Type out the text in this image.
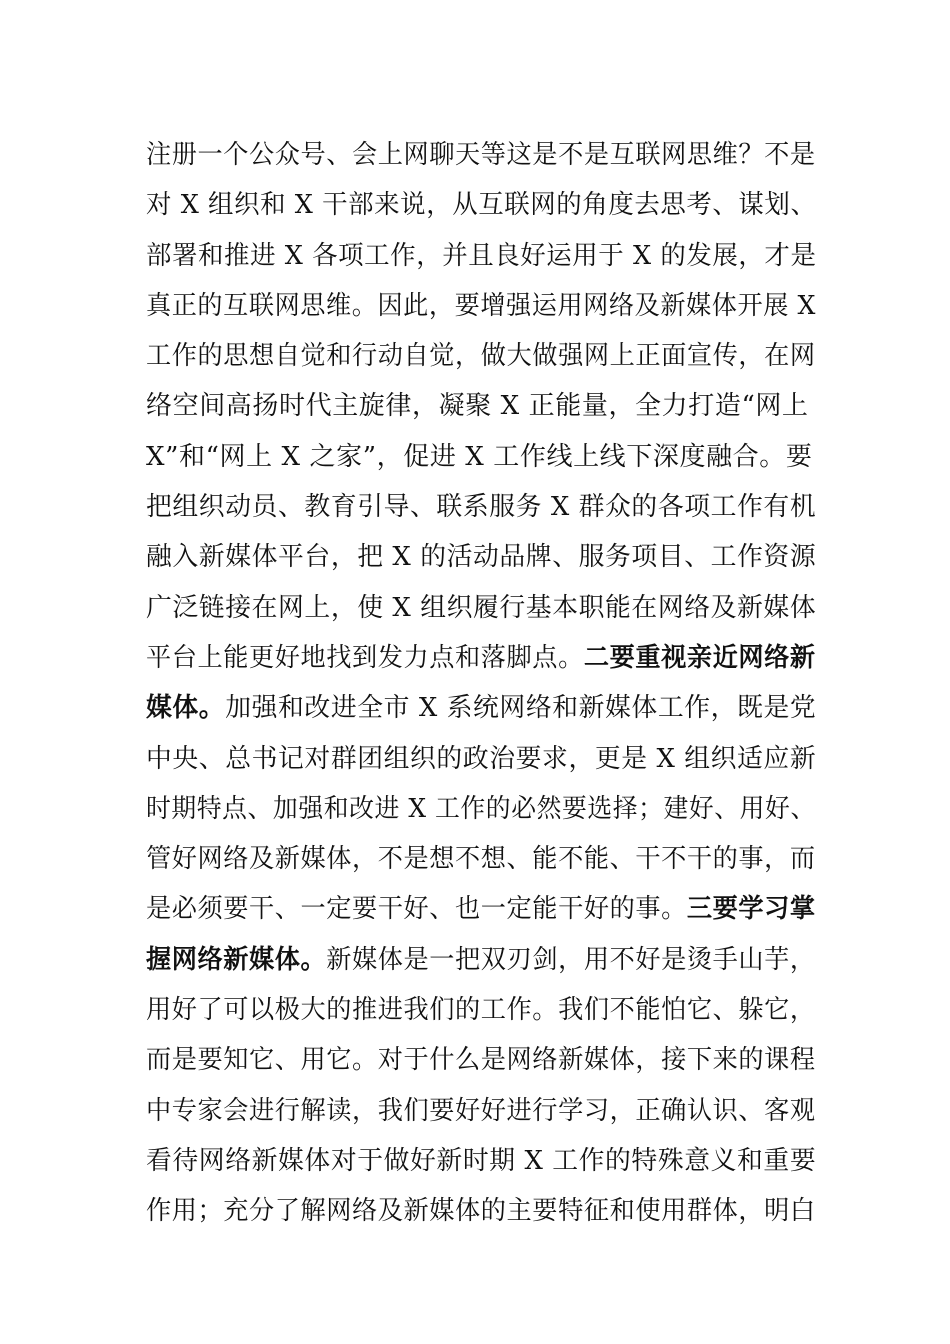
注册一个公众号、会上网聊天等这是不是互联网思维？不是
对 X 组织和 X 干部来说，从互联网的角度去思考、谋划、
部署和推进 X 各项工作，并且良好运用于 X 的发展，才是
真正的互联网思维。因此，要增强运用网络及新媒体开展 X
工作的思想自觉和行动自觉，做大做强网上正面宣传，在网
络空间高扬时代主旋律，凝聚 X 正能量，全力打造“网上
X”和“网上 X 之家”，促进 X 工作线上线下深度融合。要
把组织动员、教育引导、联系服务 X 群众的各项工作有机
融入新媒体平台，把 X 的活动品牌、服务项目、工作资源
广泛链接在网上，使 X 组织履行基本职能在网络及新媒体
平台上能更好地找到发力点和落脚点。二要重视亲近网络新
媒体。加强和改进全市 X 系统网络和新媒体工作，既是党
中央、总书记对群团组织的政治要求，更是 X 组织适应新
时期特点、加强和改进 X 工作的必然要选择；建好、用好、
管好网络及新媒体，不是想不想、能不能、干不干的事，而
是必须要干、一定要干好、也一定能干好的事。三要学习掌
握网络新媒体。新媒体是一把双刃剑，用不好是烫手山芋，
用好了可以极大的推进我们的工作。我们不能怕它、躲它，
而是要知它、用它。对于什么是网络新媒体，接下来的课程
中专家会进行解读，我们要好好进行学习，正确认识、客观
看待网络新媒体对于做好新时期 X 工作的特殊意义和重要
作用；充分了解网络及新媒体的主要特征和使用群体，明白
